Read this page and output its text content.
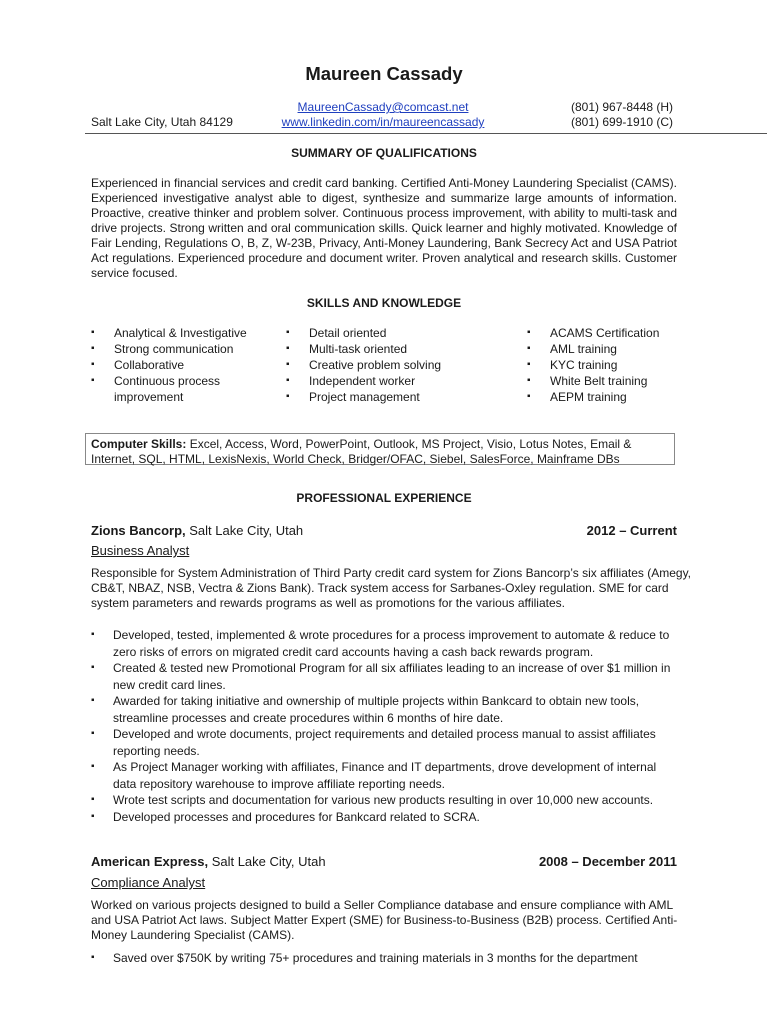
Maureen Cassady
Salt Lake City, Utah 84129
MaureenCassady@comcast.net
www.linkedin.com/in/maureencassady
(801) 967-8448 (H)
(801) 699-1910 (C)
SUMMARY OF QUALIFICATIONS

Experienced in financial services and credit card banking. Certified Anti-Money Laundering Specialist (CAMS). Experienced investigative analyst able to digest, synthesize and summarize large amounts of information. Proactive, creative thinker and problem solver. Continuous process improvement, with ability to multi-task and drive projects. Strong written and oral communication skills. Quick learner and highly motivated. Knowledge of Fair Lending, Regulations O, B, Z, W-23B, Privacy, Anti-Money Laundering, Bank Secrecy Act and USA Patriot Act regulations. Experienced procedure and document writer. Proven analytical and research skills. Customer service focused.

SKILLS AND KNOWLEDGE
▪ Analytical & Investigative
▪ Strong communication
▪ Collaborative
▪ Continuous process improvement
▪ Detail oriented
▪ Multi-task oriented
▪ Creative problem solving
▪ Independent worker
▪ Project management
▪ ACAMS Certification
▪ AML training
▪ KYC training
▪ White Belt training
▪ AEPM training
Computer Skills: Excel, Access, Word, PowerPoint, Outlook, MS Project, Visio, Lotus Notes, Email & Internet, SQL, HTML, LexisNexis, World Check, Bridger/OFAC, Siebel, SalesForce, Mainframe DBs
PROFESSIONAL EXPERIENCE
Zions Bancorp, Salt Lake City, Utah	2012 – Current
Business Analyst

Responsible for System Administration of Third Party credit card system for Zions Bancorp’s six affiliates (Amegy, CB&T, NBAZ, NSB, Vectra & Zions Bank). Track system access for Sarbanes-Oxley regulation. SME for card system parameters and rewards programs as well as promotions for the various affiliates.

▪ Developed, tested, implemented & wrote procedures for a process improvement to automate & reduce to zero risks of errors on migrated credit card accounts having a cash back rewards program.
▪ Created & tested new Promotional Program for all six affiliates leading to an increase of over $1 million in new credit card lines.
▪ Awarded for taking initiative and ownership of multiple projects within Bankcard to obtain new tools, streamline processes and create procedures within 6 months of hire date.
▪ Developed and wrote documents, project requirements and detailed process manual to assist affiliates reporting needs.
▪ As Project Manager working with affiliates, Finance and IT departments, drove development of internal data repository warehouse to improve affiliate reporting needs.
▪ Wrote test scripts and documentation for various new products resulting in over 10,000 new accounts.
▪ Developed processes and procedures for Bankcard related to SCRA.
American Express, Salt Lake City, Utah	2008 – December 2011
Compliance Analyst

Worked on various projects designed to build a Seller Compliance database and ensure compliance with AML and USA Patriot Act laws. Subject Matter Expert (SME) for Business-to-Business (B2B) process. Certified Anti-Money Laundering Specialist (CAMS).

▪ Saved over $750K by writing 75+ procedures and training materials in 3 months for the department
